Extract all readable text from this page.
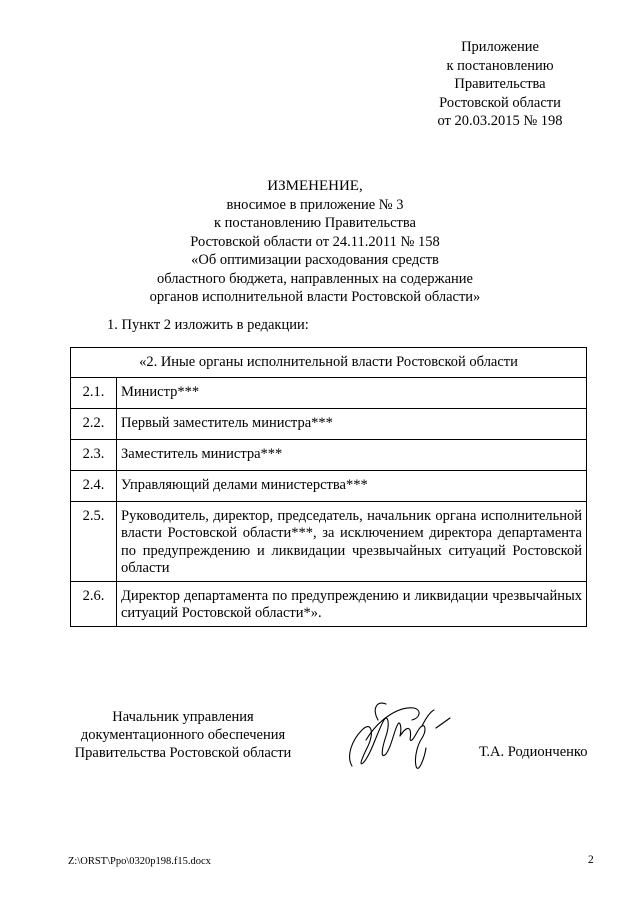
Приложение
к постановлению
Правительства
Ростовской области
от 20.03.2015 № 198
ИЗМЕНЕНИЕ,
вносимое в приложение № 3
к постановлению Правительства
Ростовской области от 24.11.2011 № 158
«Об оптимизации расходования средств
областного бюджета, направленных на содержание
органов исполнительной власти Ростовской области»
1. Пункт 2 изложить в редакции:
«2. Иные органы исполнительной власти Ростовской области	
2.1.	Министр***
2.2.	Первый заместитель министра***
2.3.	Заместитель министра***
2.4.	Управляющий делами министерства***
2.5.	Руководитель, директор, председатель, начальник органа исполнительной власти Ростовской области***, за исключением директора департамента по предупреждению и ликвидации чрезвычайных ситуаций Ростовской области
2.6.	Директор департамента по предупреждению и ликвидации чрезвычайных ситуаций Ростовской области*».
Начальник управления
документационного обеспечения
Правительства Ростовской области	Т.А. Родионченко
Z:\ORST\Ppo\0320p198.f15.docx	2
